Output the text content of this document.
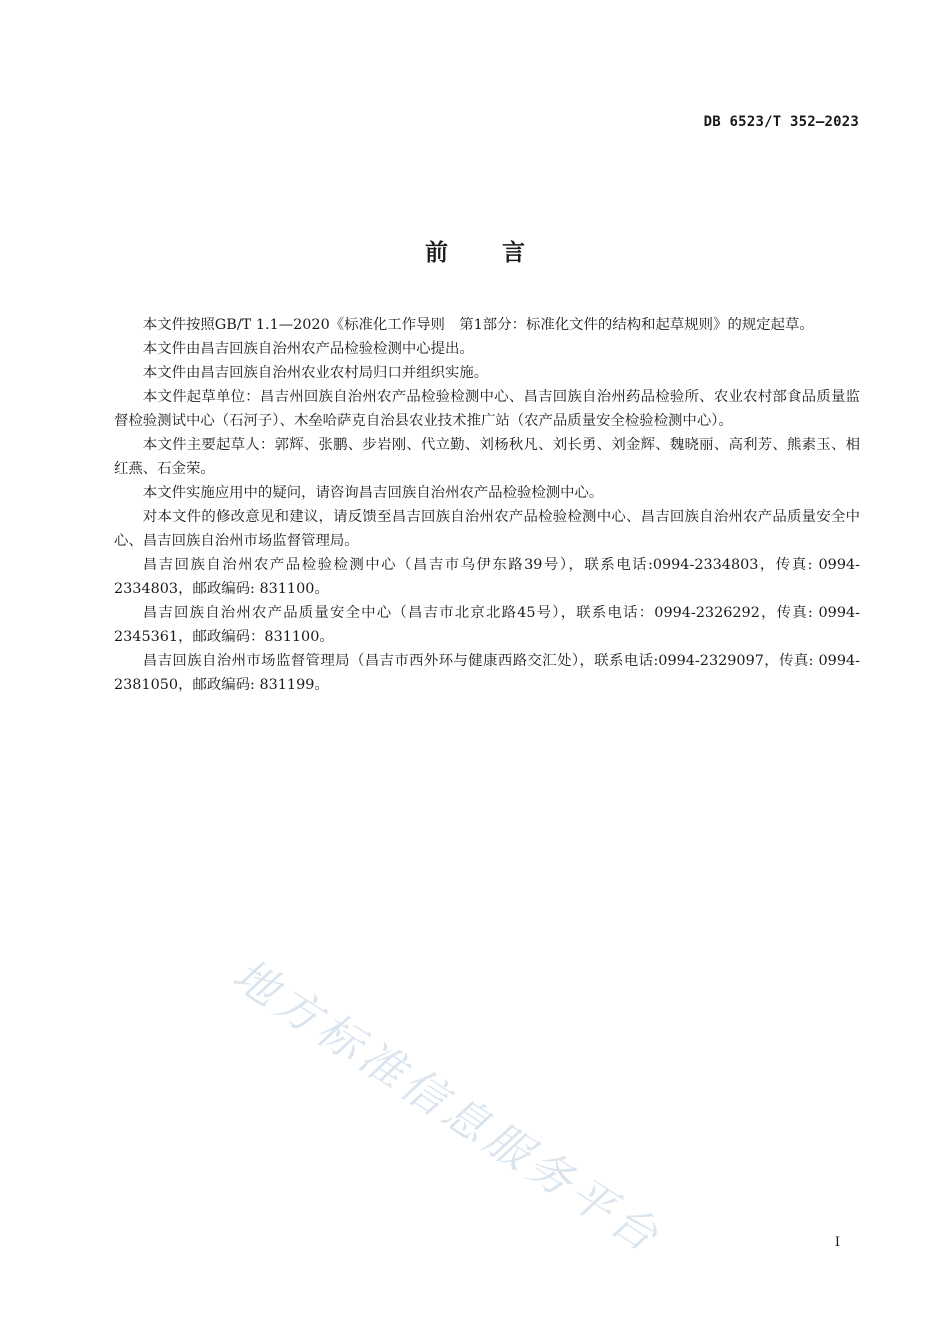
DB 6523/T 352—2023
前言

本文件按照GB/T 1.1—2020《标准化工作导则　第1部分：标准化文件的结构和起草规则》的规定起草。

本文件由昌吉回族自治州农产品检验检测中心提出。

本文件由昌吉回族自治州农业农村局归口并组织实施。

本文件起草单位：昌吉州回族自治州农产品检验检测中心、昌吉回族自治州药品检验所、农业农村部食品质量监督检验测试中心（石河子）、木垒哈萨克自治县农业技术推广站（农产品质量安全检验检测中心）。

本文件主要起草人：郭辉、张鹏、步岩刚、代立勤、刘杨秋凡、刘长勇、刘金辉、魏晓丽、高利芳、熊素玉、相红燕、石金荣。

本文件实施应用中的疑问，请咨询昌吉回族自治州农产品检验检测中心。

对本文件的修改意见和建议，请反馈至昌吉回族自治州农产品检验检测中心、昌吉回族自治州农产品质量安全中心、昌吉回族自治州市场监督管理局。

昌吉回族自治州农产品检验检测中心（昌吉市乌伊东路39号），联系电话:0994-2334803，传真: 0994-2334803，邮政编码: 831100。

昌吉回族自治州农产品质量安全中心（昌吉市北京北路45号），联系电话：0994-2326292，传真: 0994-2345361，邮政编码：831100。

昌吉回族自治州市场监督管理局（昌吉市西外环与健康西路交汇处），联系电话:0994-2329097，传真: 0994-2381050，邮政编码: 831199。

地方标准信息服务平台	I
